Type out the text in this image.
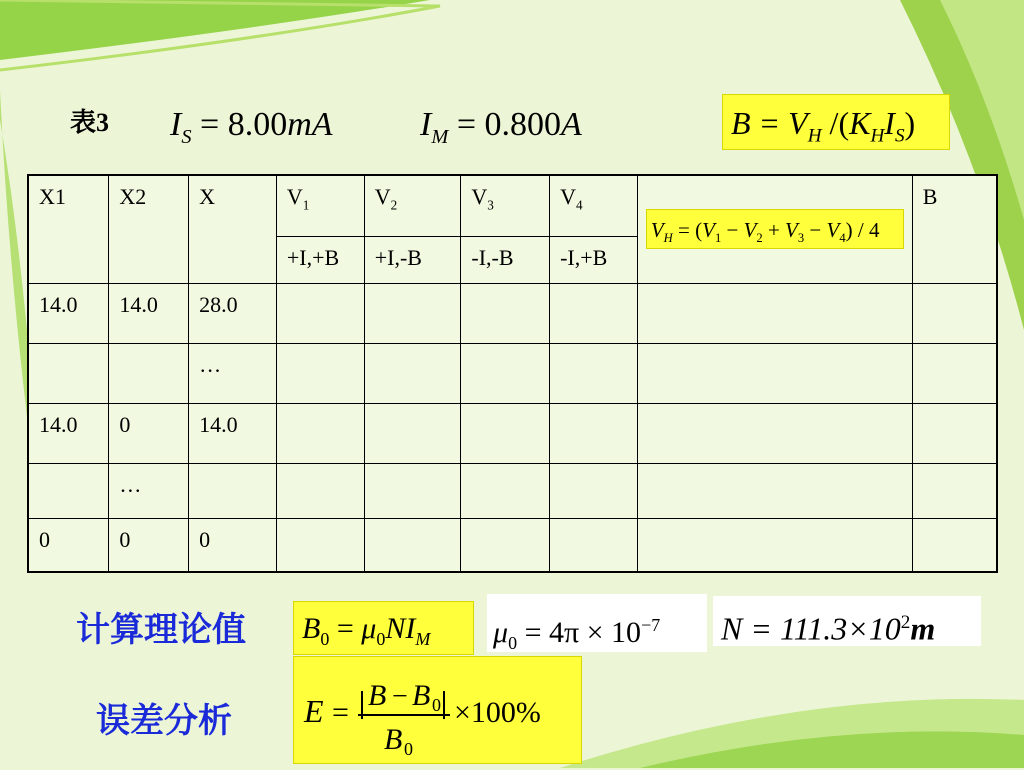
表3 $I_S = 8.00mA$	$I_M = 0.800A$	$B = V_H$ $/(K_HI_S)$
X1	X2	X	$V_1$	$V_2$	$V_3$	$V_4$	$V_H = (V_1 - V_2 + V_3 - V_4) / 4$	B
			+I,+B	+I,-B	-I,-B	-I,+B		
14.0	14.0	28.0						
		…						
14.0	0	14.0						
	…							
0	0	0						
计算理论值	$B_0 = \mu_0NI_M$	$\mu_0 = 4\pi \times 10^{-7}$	$N = 111.3\times 10^2m$
误差分析 E =
B − B 0
B 0
×100%
